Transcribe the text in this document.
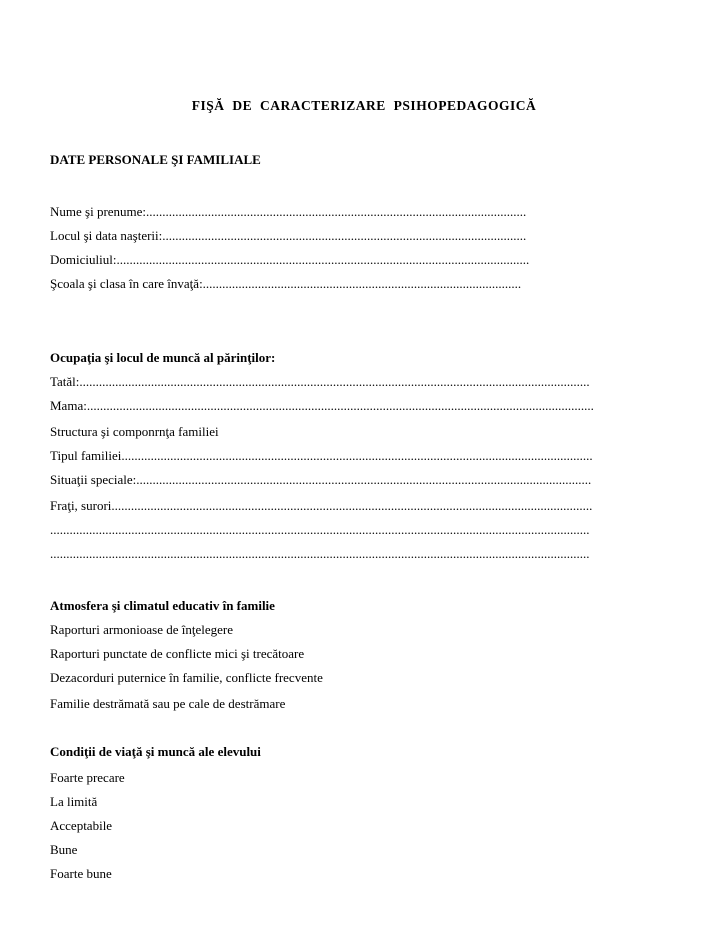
FIŞĂ DE CARACTERIZARE PSIHOPEDAGOGICĂ
DATE PERSONALE ŞI FAMILIALE
Nume şi prenume:.....................................................................................................................
Locul şi data naşterii:................................................................................................................
Domiciuliul:...............................................................................................................................
Şcoala şi clasa în care învaţă:..................................................................................................
Ocupaţia şi locul de muncă al părinţilor:
Tatăl:.............................................................................................................................................................
Mama:............................................................................................................................................................
Structura şi componrnţa familiei
Tipul familiei.................................................................................................................................................
Situaţii speciale:............................................................................................................................................
Fraţi, surori....................................................................................................................................................
......................................................................................................................................................................
......................................................................................................................................................................
Atmosfera şi climatul educativ în familie
Raporturi armonioase de înţelegere
Raporturi punctate de conflicte mici şi trecătoare
Dezacorduri puternice în familie, conflicte frecvente
Familie destrămată sau pe cale de destrămare
Condiţii de viaţă şi muncă ale elevului
Foarte precare
La limită
Acceptabile
Bune
Foarte bune
